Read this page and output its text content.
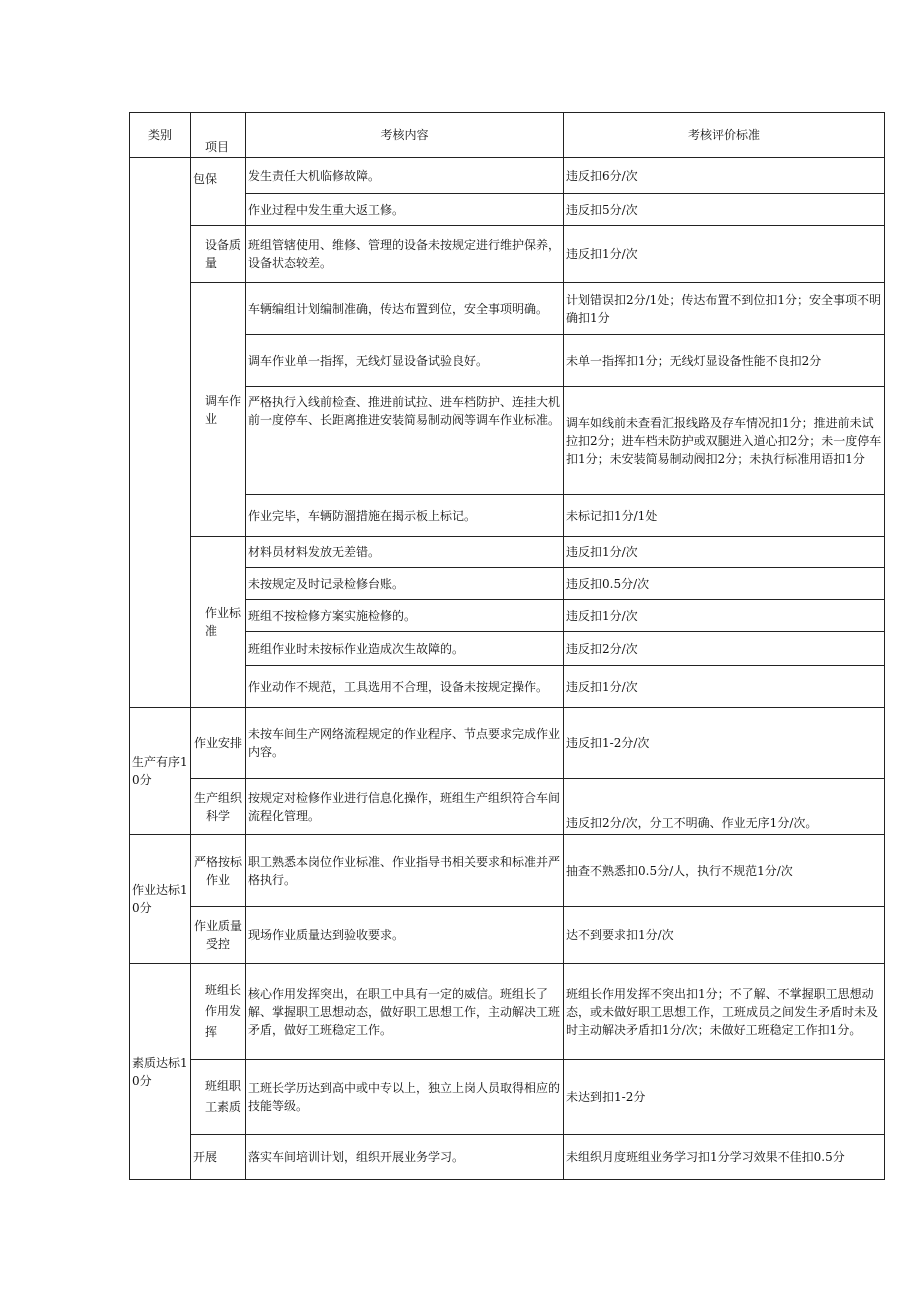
类别	项目	考核内容	考核评价标准
	包保	发生责任大机临修故障。	违反扣6分/次
		作业过程中发生重大返工修。	违反扣5分/次
	设备质量	班组管辖使用、维修、管理的设备未按规定进行维护保养，设备状态较差。	违反扣1分/次
	调车作业	车辆编组计划编制准确，传达布置到位，安全事项明确。	计划错误扣2分/1处；传达布置不到位扣1分；安全事项不明确扣1分
		调车作业单一指挥，无线灯显设备试验良好。	未单一指挥扣1分；无线灯显设备性能不良扣2分
		严格执行入线前检查、推进前试拉、进车档防护、连挂大机前一度停车、长距离推进安装简易制动阀等调车作业标准。	调车如线前未查看汇报线路及存车情况扣1分；推进前未试拉扣2分；进车档未防护或双腿进入道心扣2分；未一度停车扣1分；未安装简易制动阀扣2分；未执行标准用语扣1分
		作业完毕，车辆防溜措施在揭示板上标记。	未标记扣1分/1处
	作业标准	材料员材料发放无差错。	违反扣1分/次
		未按规定及时记录检修台账。	违反扣0.5分/次
		班组不按检修方案实施检修的。	违反扣1分/次
		班组作业时未按标作业造成次生故障的。	违反扣2分/次
		作业动作不规范，工具选用不合理，设备未按规定操作。	违反扣1分/次
生产有序10分	作业安排	未按车间生产网络流程规定的作业程序、节点要求完成作业内容。	违反扣1-2分/次
	生产组织科学	按规定对检修作业进行信息化操作，班组生产组织符合车间流程化管理。	违反扣2分/次，分工不明确、作业无序1分/次。
作业达标10分	严格按标作业	职工熟悉本岗位作业标准、作业指导书相关要求和标准并严格执行。	抽查不熟悉扣0.5分/人，执行不规范1分/次
	作业质量受控	现场作业质量达到验收要求。	达不到要求扣1分/次
素质达标10分	班组长作用发挥	核心作用发挥突出，在职工中具有一定的威信。班组长了解、掌握职工思想动态，做好职工思想工作，主动解决工班矛盾，做好工班稳定工作。	班组长作用发挥不突出扣1分；不了解、不掌握职工思想动态，或未做好职工思想工作，工班成员之间发生矛盾时未及时主动解决矛盾扣1分/次；未做好工班稳定工作扣1分。
	班组职工素质	工班长学历达到高中或中专以上，独立上岗人员取得相应的技能等级。	未达到扣1-2分
	开展	落实车间培训计划，组织开展业务学习。	未组织月度班组业务学习扣1分学习效果不佳扣0.5分
